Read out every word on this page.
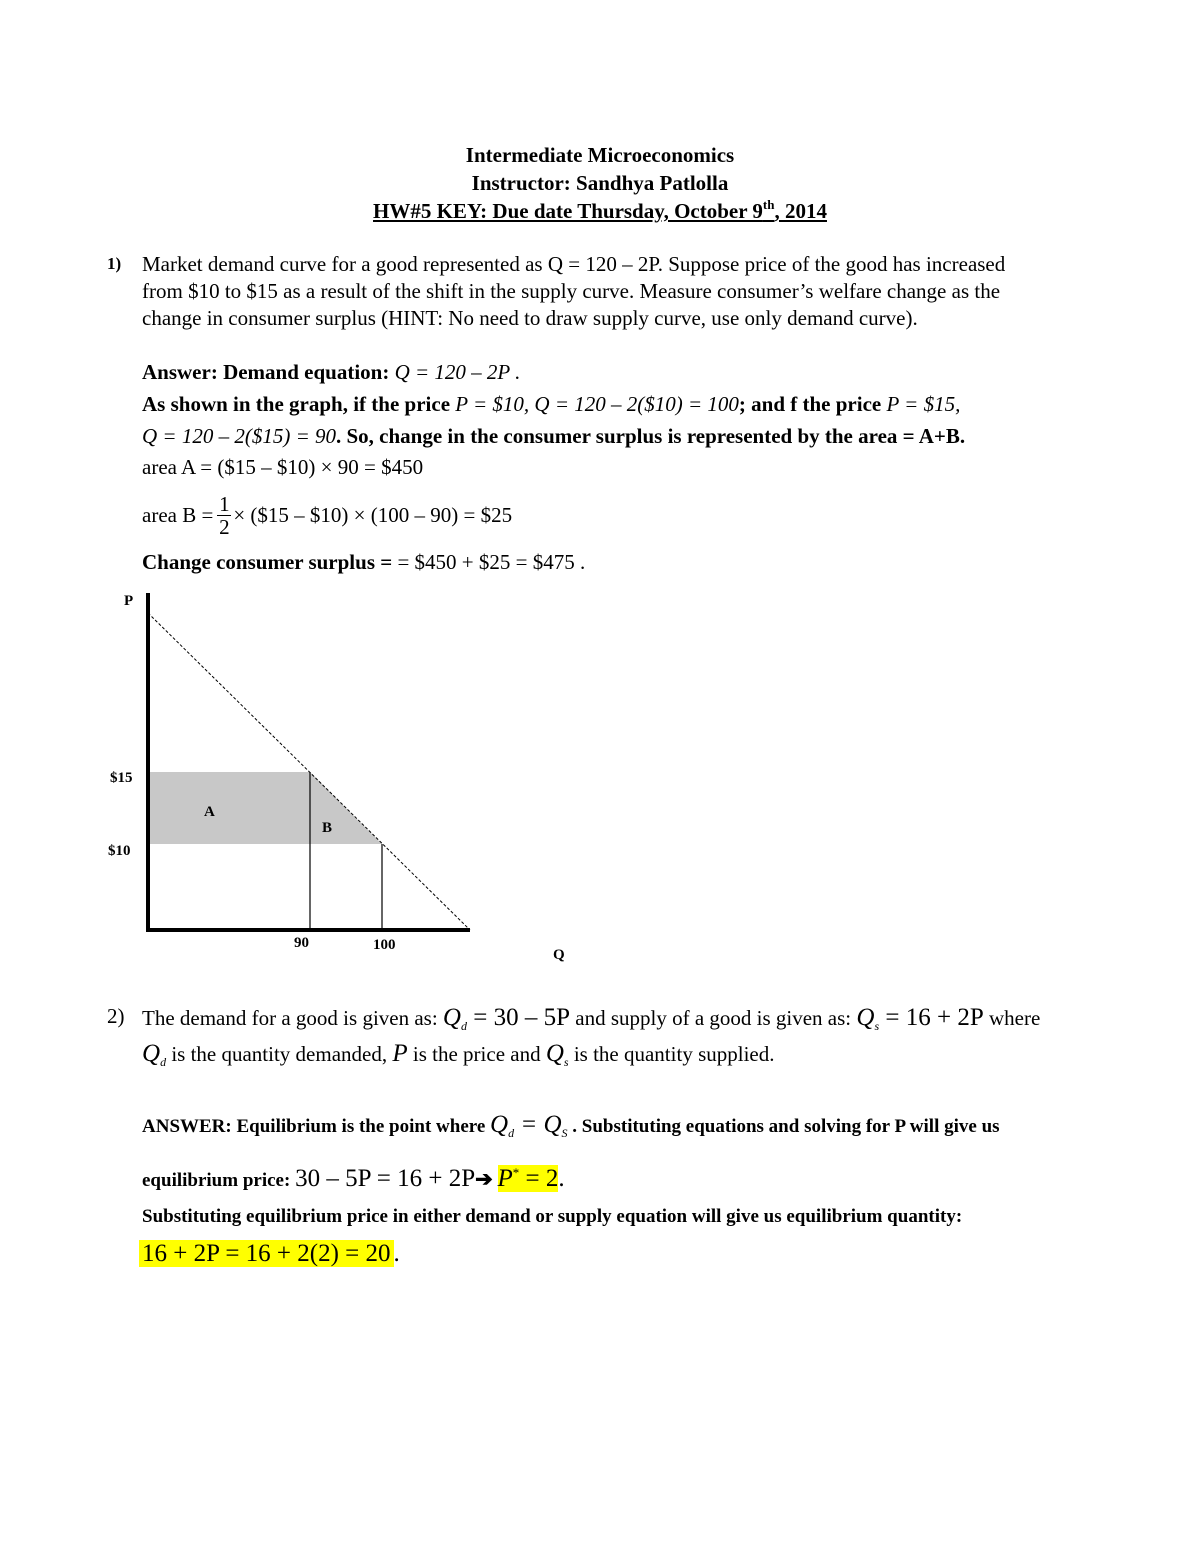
Intermediate Microeconomics
Instructor: Sandhya Patlolla
HW#5 KEY: Due date Thursday, October 9th, 2014
1) Market demand curve for a good represented as Q = 120 – 2P. Suppose price of the good has increased
from $10 to $15 as a result of the shift in the supply curve. Measure consumer’s welfare change as the
change in consumer surplus (HINT: No need to draw supply curve, use only demand curve).
Answer: Demand equation: Q = 120 – 2P .
As shown in the graph, if the price P = $10, Q = 120 – 2($10) = 100; and f the price P = $15,
Q = 120 – 2($15) = 90. So, change in the consumer surplus is represented by the area = A+B.
area A = ($15 – $10) × 90 = $450
area $B = \frac{1}{2}$ × ($15 – $10) × (100 – 90) = $25
Change consumer surplus = = $450 + $25 = $475 .
P
$15
$10
A
B
90	100
Q
2) The demand for a good is given as: $Q_d = 30 - 5P$ and supply of a good is given as: $Q_s = 16 + 2P$ where
$Q_d$ is the quantity demanded, P is the price and $Q_s$ is the quantity supplied.
ANSWER: Equilibrium is the point where $Q_d = Q_S$ . Substituting equations and solving for P will give us
equilibrium price: 30 – 5P = 16 + 2P➔ P* = 2.
Substituting equilibrium price in either demand or supply equation will give us equilibrium quantity:
16 + 2P = 16 + 2(2) = 20 .
